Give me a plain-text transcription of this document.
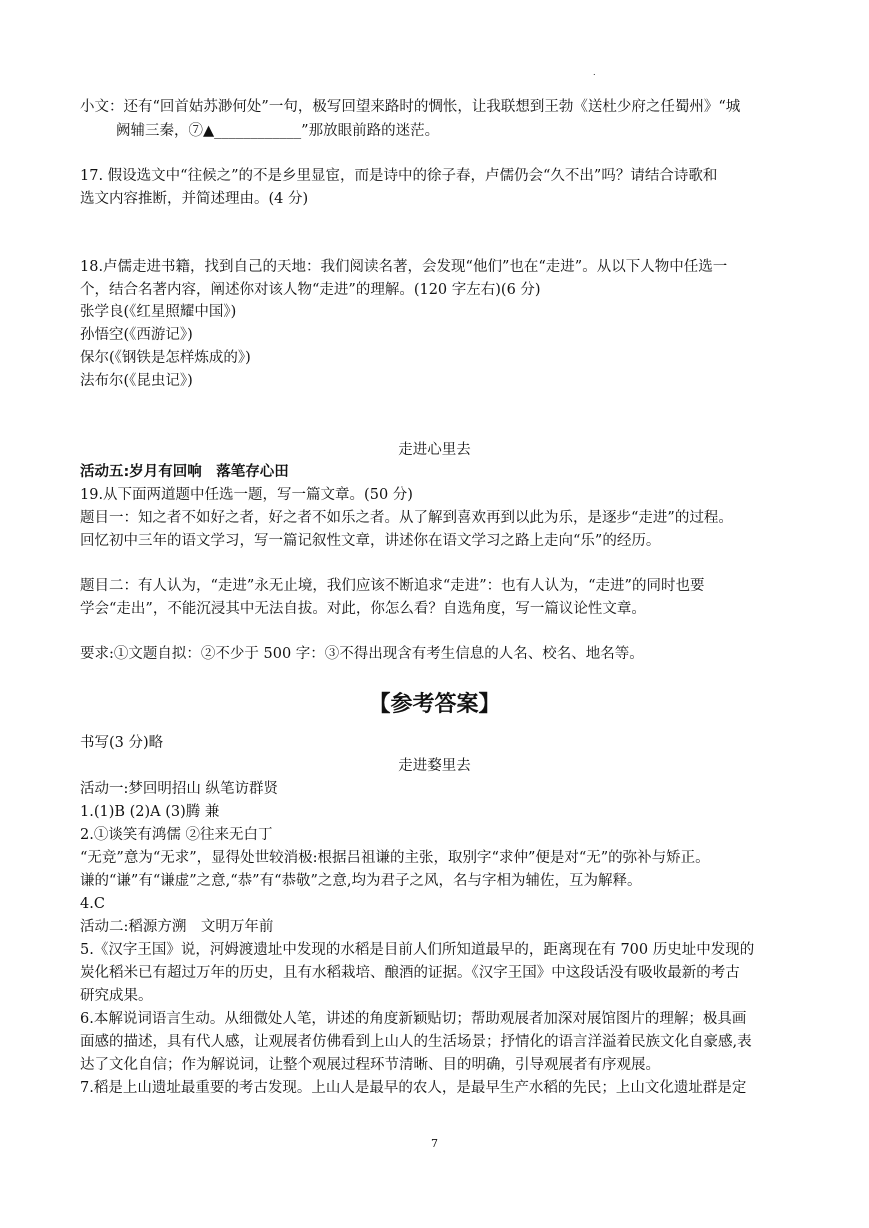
.
小文：还有“回首姑苏渺何处”一句，极写回望来路时的惆怅，让我联想到王勃《送杜少府之任蜀州》“城
阙辅三秦，⑦▲____________”那放眼前路的迷茫。
17. 假设选文中“往候之”的不是乡里显宦，而是诗中的徐子春，卢儒仍会“久不出”吗？请结合诗歌和
选文内容推断，并简述理由。(4 分)
18.卢儒走进书籍，找到自己的天地：我们阅读名著，会发现“他们”也在“走进”。从以下人物中任选一
个，结合名著内容，阐述你对该人物“走进”的理解。(120 字左右)(6 分)
张学良(《红星照耀中国》)
孙悟空(《西游记》)
保尔(《钢铁是怎样炼成的》)
法布尔(《昆虫记》)
走进心里去
活动五:岁月有回响　落笔存心田
19.从下面两道题中任选一题，写一篇文章。(50 分)
题目一：知之者不如好之者，好之者不如乐之者。从了解到喜欢再到以此为乐，是逐步“走进”的过程。
回忆初中三年的语文学习，写一篇记叙性文章，讲述你在语文学习之路上走向“乐”的经历。
题目二：有人认为，“走进”永无止境，我们应该不断追求“走进”：也有人认为，“走进”的同时也要
学会“走出”，不能沉浸其中无法自拔。对此，你怎么看？自选角度，写一篇议论性文章。
要求:①文题自拟：②不少于 500 字：③不得出现含有考生信息的人名、校名、地名等。
【参考答案】
书写(3 分)略
走进婺里去
活动一:梦回明招山 纵笔访群贤
1.(1)B (2)A (3)腾 兼
2.①谈笑有鸿儒 ②往来无白丁
“无竞”意为“无求”，显得处世较消极:根据吕祖谦的主张，取别字“求仲”便是对“无”的弥补与矫正。
谦的“谦”有“谦虚”之意,“恭”有“恭敬”之意,均为君子之风，名与字相为辅佐，互为解释。
4.C
活动二:稻源方溯　文明万年前
5.《汉字王国》说，河姆渡遗址中发现的水稻是目前人们所知道最早的，距离现在有 700 历史址中发现的
炭化稻米已有超过万年的历史，且有水稻栽培、酿酒的证据。《汉字王国》中这段话没有吸收最新的考古
研究成果。
6.本解说词语言生动。从细微处人笔，讲述的角度新颖贴切；帮助观展者加深对展馆图片的理解；极具画
面感的描述，具有代人感，让观展者仿佛看到上山人的生活场景；抒情化的语言洋溢着民族文化自豪感,表
达了文化自信；作为解说词，让整个观展过程环节清晰、目的明确，引导观展者有序观展。
7.稻是上山遗址最重要的考古发现。上山人是最早的农人，是最早生产水稻的先民；上山文化遗址群是定
7
